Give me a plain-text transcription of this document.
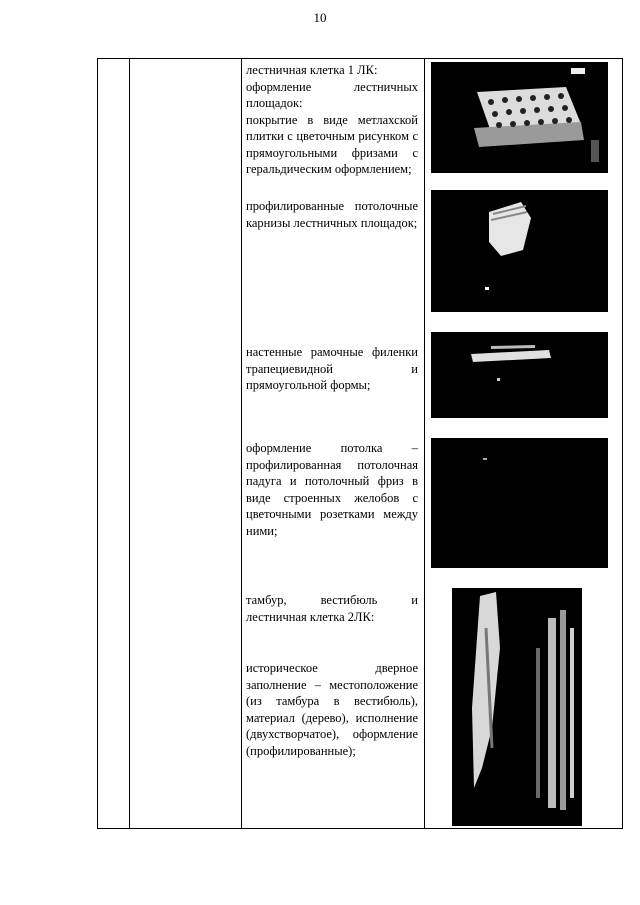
10

лестничная клетка 1 ЛК:

оформление лестничных площадок:

покрытие в виде метлахской плитки с цветочным рисунком с прямоугольными фризами с геральдическим оформлением;

профилированные потолочные карнизы лестничных площадок;

настенные рамочные филенки трапециевидной и прямоугольной формы;

оформление потолка – профилированная потолочная падуга и потолочный фриз в виде строенных желобов с цветочными розетками между ними;

тамбур, вестибюль и лестничная клетка 2ЛК:

историческое дверное заполнение – местоположение (из тамбура в вестибюль), материал (дерево), исполнение (двухстворчатое), оформление (профилированные);
